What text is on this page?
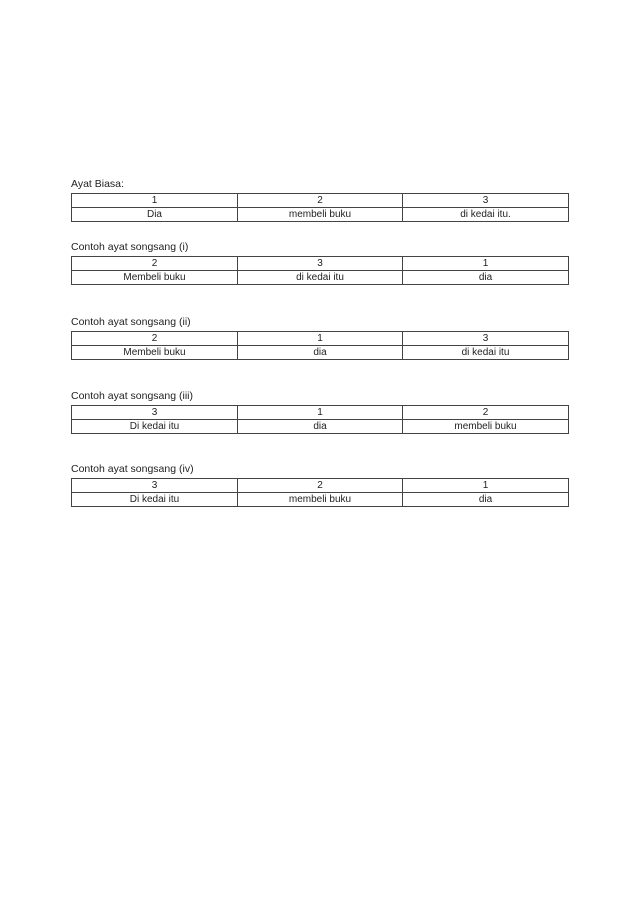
Ayat Biasa:
1	2	3
Dia	membeli buku	di kedai itu.
Contoh ayat songsang (i)
2	3	1
Membeli buku	di kedai itu	dia
Contoh ayat songsang (ii)
2	1	3
Membeli buku	dia	di kedai itu
Contoh ayat songsang (iii)
3	1	2
Di kedai itu	dia	membeli buku
Contoh ayat songsang (iv)
3	2	1
Di kedai itu	membeli buku	dia
